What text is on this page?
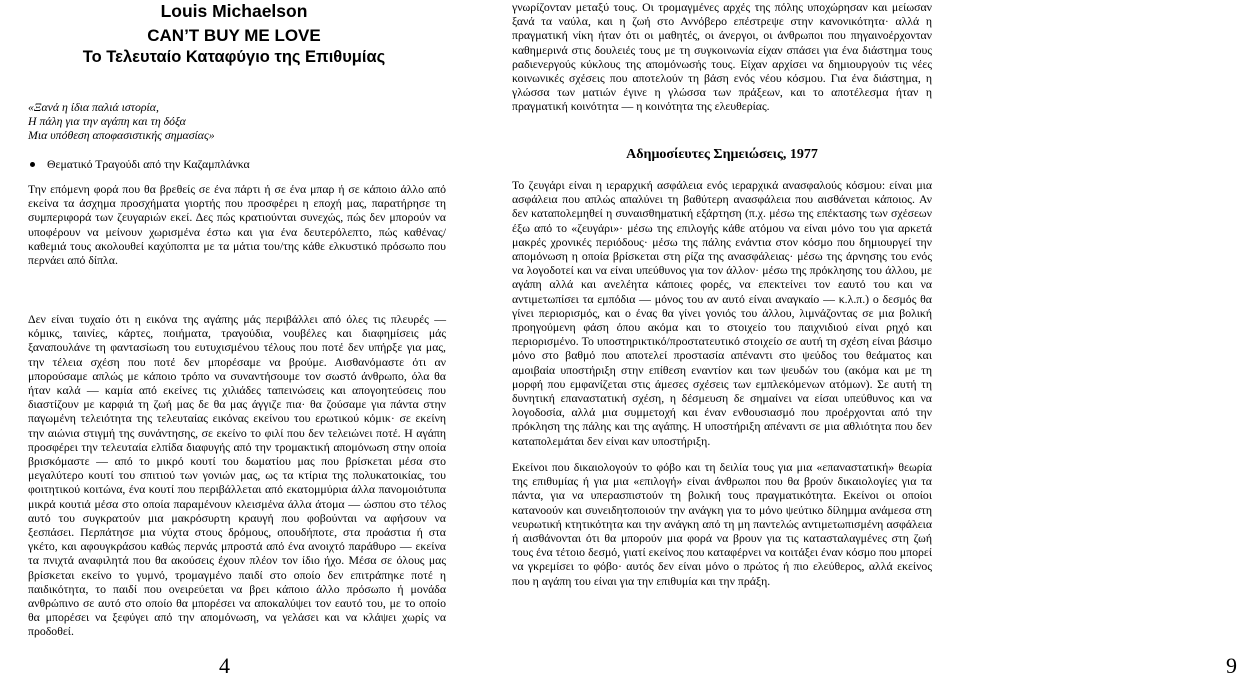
Louis Michaelson
CAN’T BUY ME LOVE
Το Τελευταίο Καταφύγιο της Επιθυμίας
«Ξανά η ίδια παλιά ιστορία,
Η πάλη για την αγάπη και τη δόξα
Μια υπόθεση αποφασιστικής σημασίας»
Θεματικό Τραγούδι από την Καζαμπλάνκα
Την επόμενη φορά που θα βρεθείς σε ένα πάρτι ή σε ένα μπαρ ή σε κάποιο άλλο από εκείνα τα άσχημα προσχήματα γιορτής που προσφέρει η εποχή μας, παρατήρησε τη συμπεριφορά των ζευγαριών εκεί. Δες πώς κρατιούνται συνεχώς, πώς δεν μπορούν να υποφέρουν να μείνουν χωρισμένα έστω και για ένα δευτερόλεπτο, πώς καθένας/καθεμιά τους ακολουθεί καχύποπτα με τα μάτια του/της κάθε ελκυστικό πρόσωπο που περνάει από δίπλα.
Δεν είναι τυχαίο ότι η εικόνα της αγάπης μάς περιβάλλει από όλες τις πλευρές — κόμικς, ταινίες, κάρτες, ποιήματα, τραγούδια, νουβέλες και διαφημίσεις μάς ξαναπουλάνε τη φαντασίωση του ευτυχισμένου τέλους που ποτέ δεν υπήρξε για μας, την τέλεια σχέση που ποτέ δεν μπορέσαμε να βρούμε. Αισθανόμαστε ότι αν μπορούσαμε απλώς με κάποιο τρόπο να συναντήσουμε τον σωστό άνθρωπο, όλα θα ήταν καλά — καμία από εκείνες τις χιλιάδες ταπεινώσεις και απογοητεύσεις που διαστίζουν με καρφιά τη ζωή μας δε θα μας άγγιζε πια· θα ζούσαμε για πάντα στην παγωμένη τελειότητα της τελευταίας εικόνας εκείνου του ερωτικού κόμικ· σε εκείνη την αιώνια στιγμή της συνάντησης, σε εκείνο το φιλί που δεν τελειώνει ποτέ. Η αγάπη προσφέρει την τελευταία ελπίδα διαφυγής από την τρομακτική απομόνωση στην οποία βρισκόμαστε — από το μικρό κουτί του δωματίου μας που βρίσκεται μέσα στο μεγαλύτερο κουτί του σπιτιού των γονιών μας, ως τα κτίρια της πολυκατοικίας, του φοιτητικού κοιτώνα, ένα κουτί που περιβάλλεται από εκατομμύρια άλλα πανομοιότυπα μικρά κουτιά μέσα στο οποία παραμένουν κλεισμένα άλλα άτομα — ώσπου στο τέλος αυτό του συγκρατούν μια μακρόσυρτη κραυγή που φοβούνται να αφήσουν να ξεσπάσει. Περπάτησε μια νύχτα στους δρόμους, οπουδήποτε, στα προάστια ή στα γκέτο, και αφουγκράσου καθώς περνάς μπροστά από ένα ανοιχτό παράθυρο — εκείνα τα πνιχτά αναφιλητά που θα ακούσεις έχουν πλέον τον ίδιο ήχο. Μέσα σε όλους μας βρίσκεται εκείνο το γυμνό, τρομαγμένο παιδί στο οποίο δεν επιτράπηκε ποτέ η παιδικότητα, το παιδί που ονειρεύεται να βρει κάποιο άλλο πρόσωπο ή μονάδα ανθρώπινο σε αυτό στο οποίο θα μπορέσει να αποκαλύψει τον εαυτό του, με το οποίο θα μπορέσει να ξεφύγει από την απομόνωση, να γελάσει και να κλάψει χωρίς να προδοθεί.
4
γνωρίζονταν μεταξύ τους. Οι τρομαγμένες αρχές της πόλης υποχώρησαν και μείωσαν ξανά τα ναύλα, και η ζωή στο Αννόβερο επέστρεψε στην κανονικότητα· αλλά η πραγματική νίκη ήταν ότι οι μαθητές, οι άνεργοι, οι άνθρωποι που πηγαινοέρχονταν καθημερινά στις δουλειές τους με τη συγκοινωνία είχαν σπάσει για ένα διάστημα τους ραδιενεργούς κύκλους της απομόνωσής τους. Είχαν αρχίσει να δημιουργούν τις νέες κοινωνικές σχέσεις που αποτελούν τη βάση ενός νέου κόσμου. Για ένα διάστημα, η γλώσσα των ματιών έγινε η γλώσσα των πράξεων, και το αποτέλεσμα ήταν η πραγματική κοινότητα — η κοινότητα της ελευθερίας.
Αδημοσίευτες Σημειώσεις, 1977
Το ζευγάρι είναι η ιεραρχική ασφάλεια ενός ιεραρχικά ανασφαλούς κόσμου: είναι μια ασφάλεια που απλώς απαλύνει τη βαθύτερη ανασφάλεια που αισθάνεται κάποιος. Αν δεν καταπολεμηθεί η συναισθηματική εξάρτηση (π.χ. μέσω της επέκτασης των σχέσεων έξω από το «ζευγάρι»· μέσω της επιλογής κάθε ατόμου να είναι μόνο του για αρκετά μακρές χρονικές περιόδους· μέσω της πάλης ενάντια στον κόσμο που δημιουργεί την απομόνωση η οποία βρίσκεται στη ρίζα της ανασφάλειας· μέσω της άρνησης του ενός να λογοδοτεί και να είναι υπεύθυνος για τον άλλον· μέσω της πρόκλησης του άλλου, με αγάπη αλλά και ανελέητα κάποιες φορές, να επεκτείνει τον εαυτό του και να αντιμετωπίσει τα εμπόδια — μόνος του αν αυτό είναι αναγκαίο — κ.λ.π.) ο δεσμός θα γίνει περιορισμός, και ο ένας θα γίνει γονιός του άλλου, λιμνάζοντας σε μια βολική προηγούμενη φάση όπου ακόμα και το στοιχείο του παιχνιδιού είναι ρηχό και περιορισμένο. Το υποστηρικτικό/προστατευτικό στοιχείο σε αυτή τη σχέση είναι βάσιμο μόνο στο βαθμό που αποτελεί προστασία απέναντι στο ψεύδος του θεάματος και αμοιβαία υποστήριξη στην επίθεση εναντίον και των ψευδών του (ακόμα και με τη μορφή που εμφανίζεται στις άμεσες σχέσεις των εμπλεκόμενων ατόμων). Σε αυτή τη δυνητική επαναστατική σχέση, η δέσμευση δε σημαίνει να είσαι υπεύθυνος και να λογοδοσία, αλλά μια συμμετοχή και έναν ενθουσιασμό που προέρχονται από την πρόκληση της πάλης και της αγάπης. Η υποστήριξη απέναντι σε μια αθλιότητα που δεν καταπολεμάται δεν είναι καν υποστήριξη.
Εκείνοι που δικαιολογούν το φόβο και τη δειλία τους για μια «επαναστατική» θεωρία της επιθυμίας ή για μια «επιλογή» είναι άνθρωποι που θα βρούν δικαιολογίες για τα πάντα, για να υπερασπιστούν τη βολική τους πραγματικότητα. Εκείνοι οι οποίοι κατανοούν και συνειδητοποιούν την ανάγκη για το μόνο ψεύτικο δίλημμα ανάμεσα στη νευρωτική κτητικότητα και την ανάγκη από τη μη παντελώς αντιμετωπισμένη ασφάλεια ή αισθάνονται ότι θα μπορούν μια φορά να βρουν για τις κατασταλαγμένες στη ζωή τους ένα τέτοιο δεσμό, γιατί εκείνος που καταφέρνει να κοιτάξει έναν κόσμο που μπορεί να γκρεμίσει το φόβο· αυτός δεν είναι μόνο ο πρώτος ή πιο ελεύθερος, αλλά εκείνος που η αγάπη του είναι για την επιθυμία και την πράξη.
9
